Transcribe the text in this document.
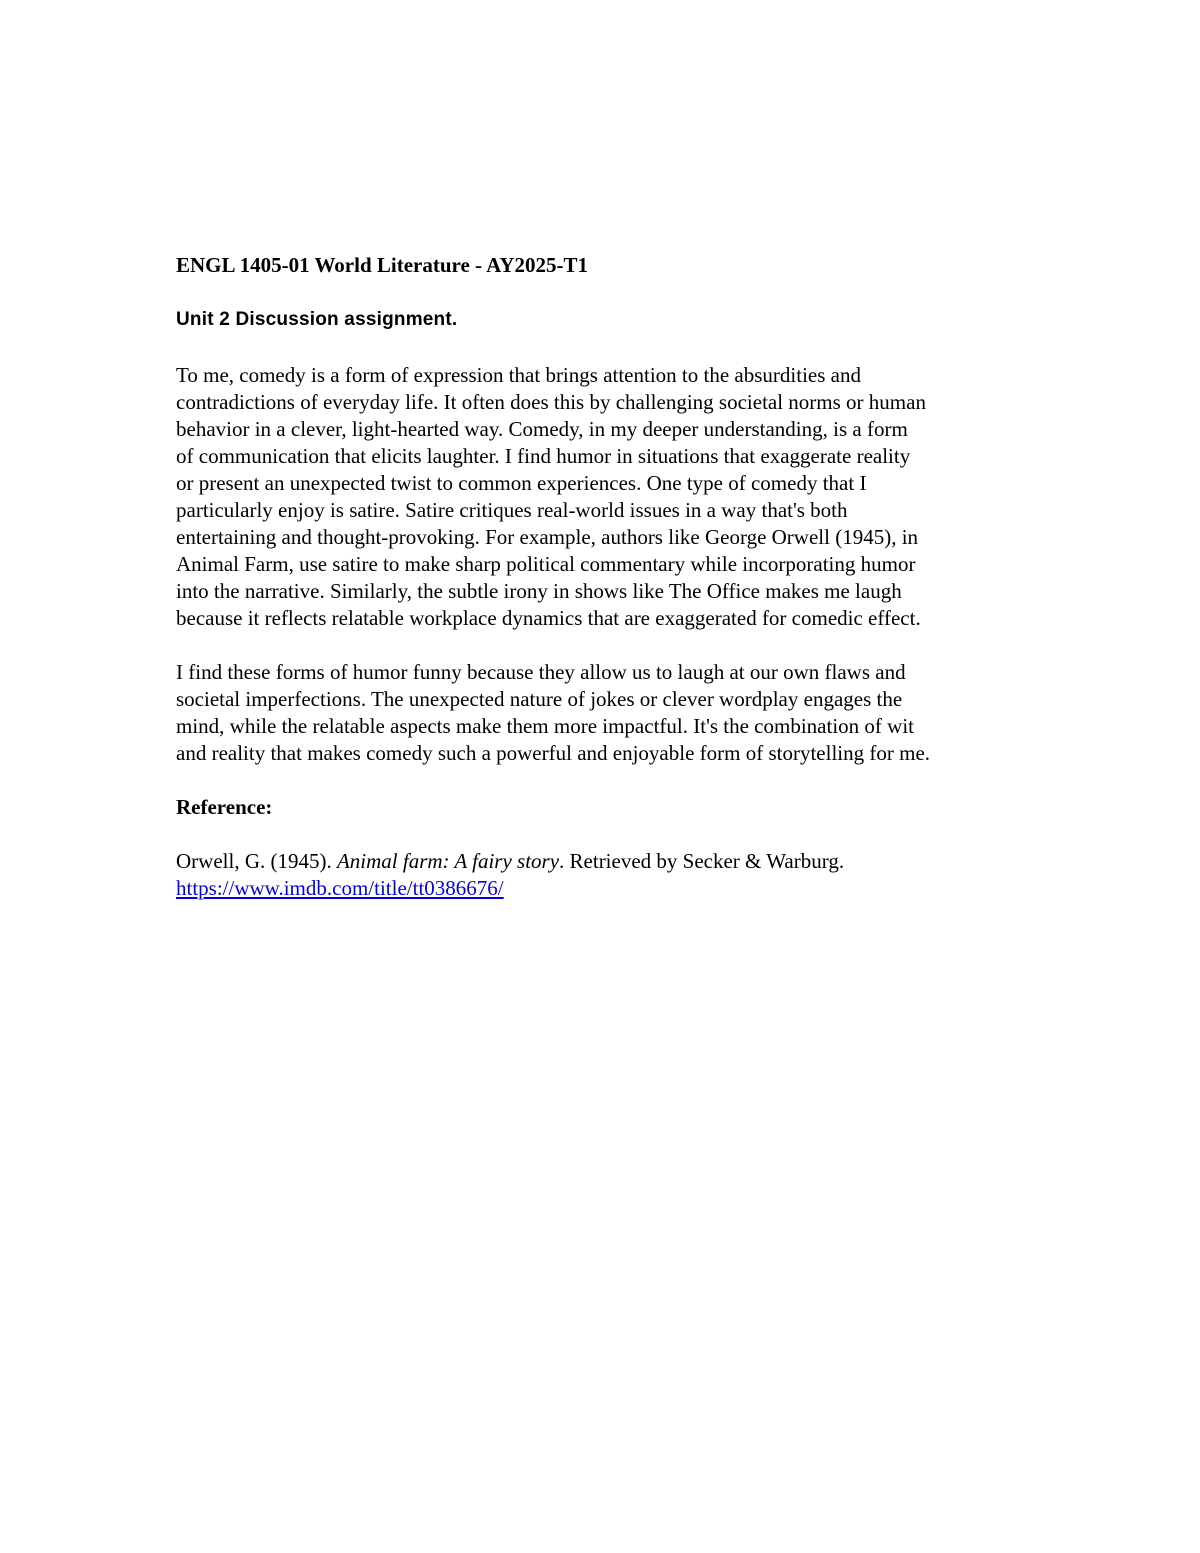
ENGL 1405-01 World Literature - AY2025-T1
Unit 2 Discussion assignment.
To me, comedy is a form of expression that brings attention to the absurdities and
contradictions of everyday life. It often does this by challenging societal norms or human
behavior in a clever, light-hearted way. Comedy, in my deeper understanding, is a form
of communication that elicits laughter. I find humor in situations that exaggerate reality
or present an unexpected twist to common experiences. One type of comedy that I
particularly enjoy is satire. Satire critiques real-world issues in a way that's both
entertaining and thought-provoking. For example, authors like George Orwell (1945), in
Animal Farm, use satire to make sharp political commentary while incorporating humor
into the narrative. Similarly, the subtle irony in shows like The Office makes me laugh
because it reflects relatable workplace dynamics that are exaggerated for comedic effect.
I find these forms of humor funny because they allow us to laugh at our own flaws and
societal imperfections. The unexpected nature of jokes or clever wordplay engages the
mind, while the relatable aspects make them more impactful. It's the combination of wit
and reality that makes comedy such a powerful and enjoyable form of storytelling for me.
Reference:
Orwell, G. (1945). Animal farm: A fairy story. Retrieved by Secker & Warburg.
https://www.imdb.com/title/tt0386676/
